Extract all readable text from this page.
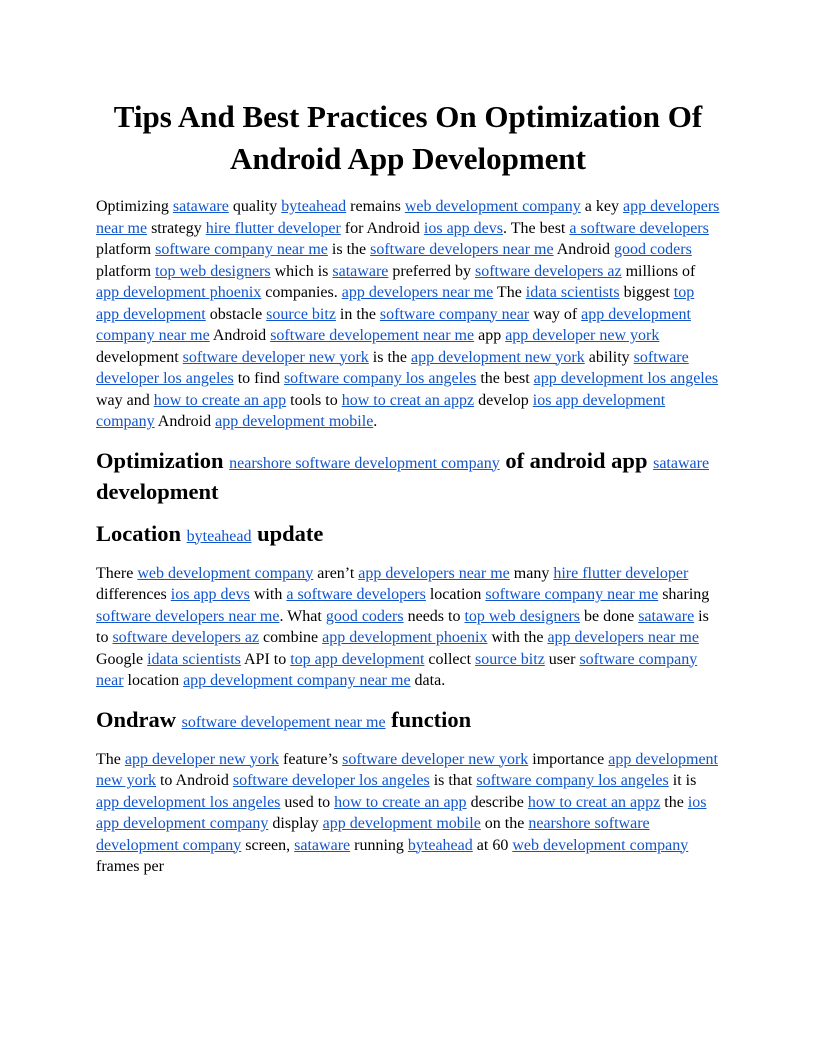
Tips And Best Practices On Optimization Of Android App Development

Optimizing sataware quality byteahead remains web development company a key app developers near me strategy hire flutter developer for Android ios app devs. The best a software developers platform software company near me is the software developers near me Android good coders platform top web designers which is sataware preferred by software developers az millions of app development phoenix companies. app developers near me The idata scientists biggest top app development obstacle source bitz in the software company near way of app development company near me Android software developement near me app app developer new york development software developer new york is the app development new york ability software developer los angeles to find software company los angeles the best app development los angeles way and how to create an app tools to how to creat an appz develop ios app development company Android app development mobile.

Optimization nearshore software development company of android app sataware development
Location byteahead update

There web development company aren’t app developers near me many hire flutter developer differences ios app devs with a software developers location software company near me sharing software developers near me. What good coders needs to top web designers be done sataware is to software developers az combine app development phoenix with the app developers near me Google idata scientists API to top app development collect source bitz user software company near location app development company near me data.

Ondraw software developement near me function

The app developer new york feature’s software developer new york importance app development new york to Android software developer los angeles is that software company los angeles it is app development los angeles used to how to create an app describe how to creat an appz the ios app development company display app development mobile on the nearshore software development company screen, sataware running byteahead at 60 web development company frames per
